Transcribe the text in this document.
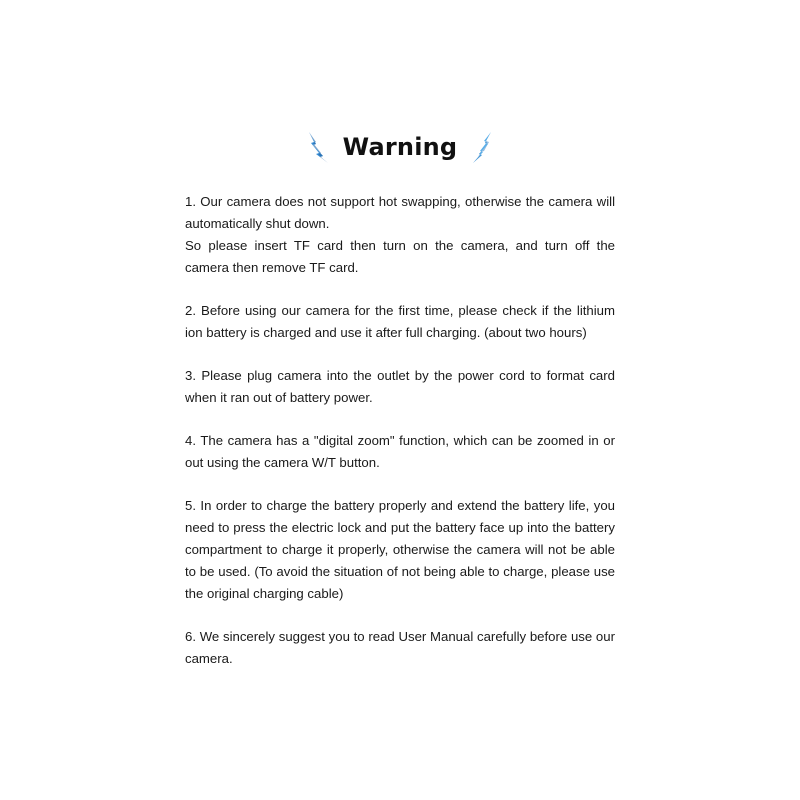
Warning

1. Our camera does not support hot swapping, otherwise the camera will automatically shut down.

So please insert TF card then turn on the camera, and turn off the camera then remove TF card.

2. Before using our camera for the first time, please check if the lithium ion battery is charged and use it after full charging. (about two hours)

3. Please plug camera into the outlet by the power cord to format card when it ran out of battery power.

4. The camera has a "digital zoom" function, which can be zoomed in or out using the camera W/T button.

5. In order to charge the battery properly and extend the battery life, you need to press the electric lock and put the battery face up into the battery compartment to charge it properly, otherwise the camera will not be able to be used. (To avoid the situation of not being able to charge, please use the original charging cable)

6. We sincerely suggest you to read User Manual carefully before use our camera.
